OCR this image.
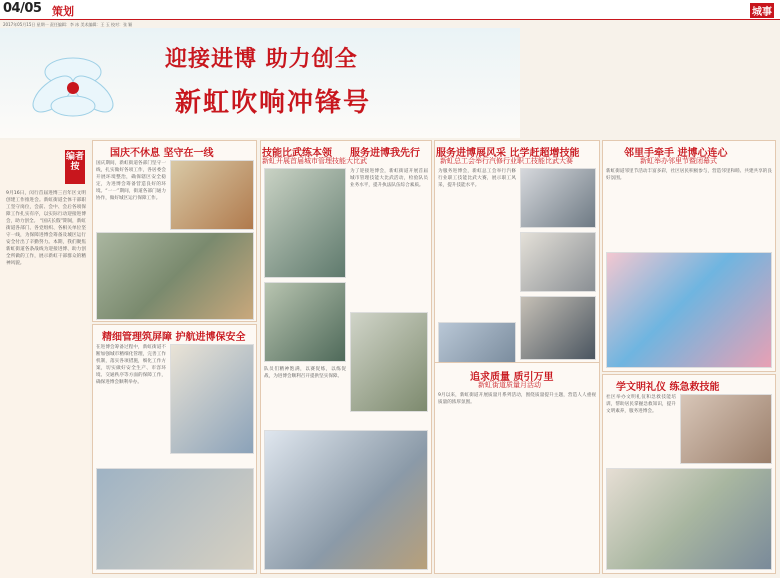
04/05 策划	城事
2017年05月15日 星期一 责任编辑：李 冰 美术编辑：王 玉 校对：张 颖
迎接进博 助力创全
新虹吹响冲锋号
编者按
9月16日，闵行首届进博三百年区文明创建工作推进会。新虹街道全体干部职工坚守岗位，会前、会中、会后各项保障工作扎实有序，以实际行动迎接进博会，助力创全。 “国庆长假”期间，新虹街道各部门、各党组织、各相关单位坚守一线，为保障进博会筹备及城区运行安全付出了辛勤努力。本期，我们聚焦新虹街道各条战线为迎接进博、助力创全所做的工作，展示新虹干部群众的精神风貌。
国庆不休息 坚守在一线
国庆期间，新虹街道各部门坚守一线，扎实做好各项工作，各居委会开展环境整治，确保辖区安全稳定，为进博会筹备营造良好的环境。“一一”期间，街道各部门通力协作，做好城区运行保障工作。
精细管理筑屏障 护航进博保安全
在进博会筹备过程中，新虹街道不断加强城市精细化管理，完善工作机制，落实各项措施，细化工作方案，切实做好安全生产、市容环境、交通秩序等方面的保障工作，确保进博会顺利举办。
技能比武练本领
新虹开展首届城市管理技能大比武
服务进博我先行
为了迎接进博会，新虹街道开展首届城市管理技能大比武活动，检验队员业务水平，提升执法队伍综合素质。
队员们精神饱满，以赛促练，以练促战，为进博会顺利召开提供坚实保障。
服务进博展风采 比学赶超增技能
新虹总工会举行汽修行业职工技能比武大赛
为服务进博会，新虹总工会举行汽修行业职工技能比武大赛，展示职工风采，提升技能水平。
追求质量 质引万里
新虹街道质量月活动
9月以来，新虹街道开展质量月系列活动，围绕质量提升主题，营造人人重视质量的浓厚氛围。
邻里手牵手 进博心连心
新虹举办邻里节暨闭幕式
新虹街道邻里节活动丰富多彩，社区居民积极参与，营造邻里和睦、共建共享的良好氛围。
学文明礼仪 练急救技能
社区举办文明礼仪和急救技能培训，帮助居民掌握急救知识，提升文明素养，服务进博会。
